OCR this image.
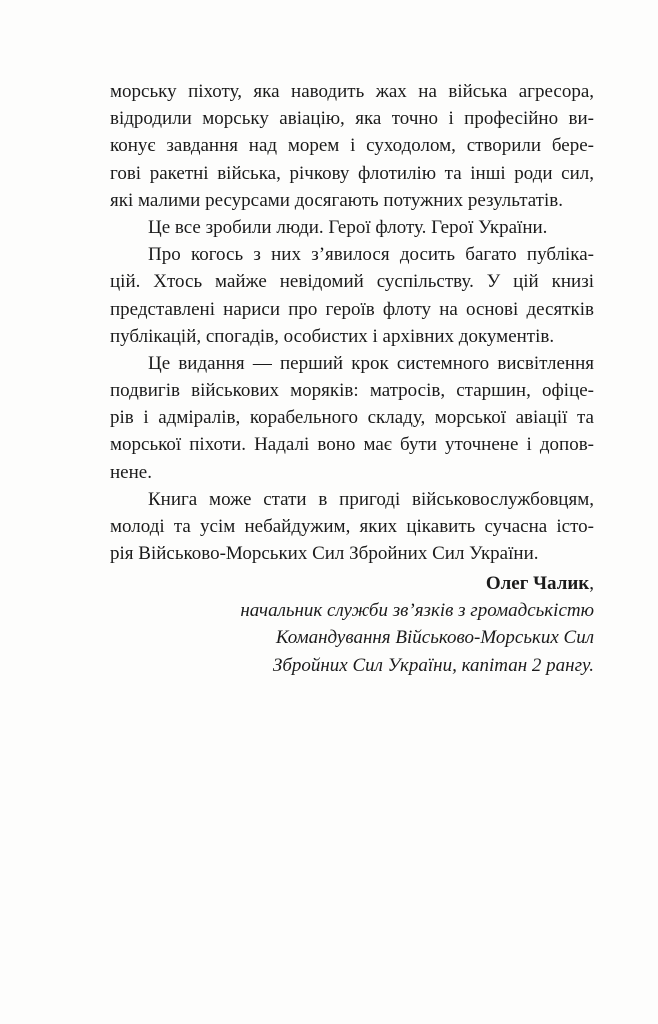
морську піхоту, яка наводить жах на війська агресора,
відродили морську авіацію, яка точно і професійно ви-
конує завдання над морем і суходолом, створили бере-
гові ракетні війська, річкову флотилію та інші роди сил,
які малими ресурсами досягають потужних результатів.
Це все зробили люди. Герої флоту. Герої України.
Про когось з них з’явилося досить багато публіка-
цій. Хтось майже невідомий суспільству. У цій книзі
представлені нариси про героїв флоту на основі десятків
публікацій, спогадів, особистих і архівних документів.
Це видання — перший крок системного висвітлення
подвигів військових моряків: матросів, старшин, офіце-
рів і адміралів, корабельного складу, морської авіації та
морської піхоти. Надалі воно має бути уточнене і допов-
нене.
Книга може стати в пригоді військовослужбовцям,
молоді та усім небайдужим, яких цікавить сучасна істо-
рія Військово-Морських Сил Збройних Сил України.
Олег Чалик,
начальник служби зв’язків з громадськістю
Командування Військово-Морських Сил
Збройних Сил України, капітан 2 рангу.
